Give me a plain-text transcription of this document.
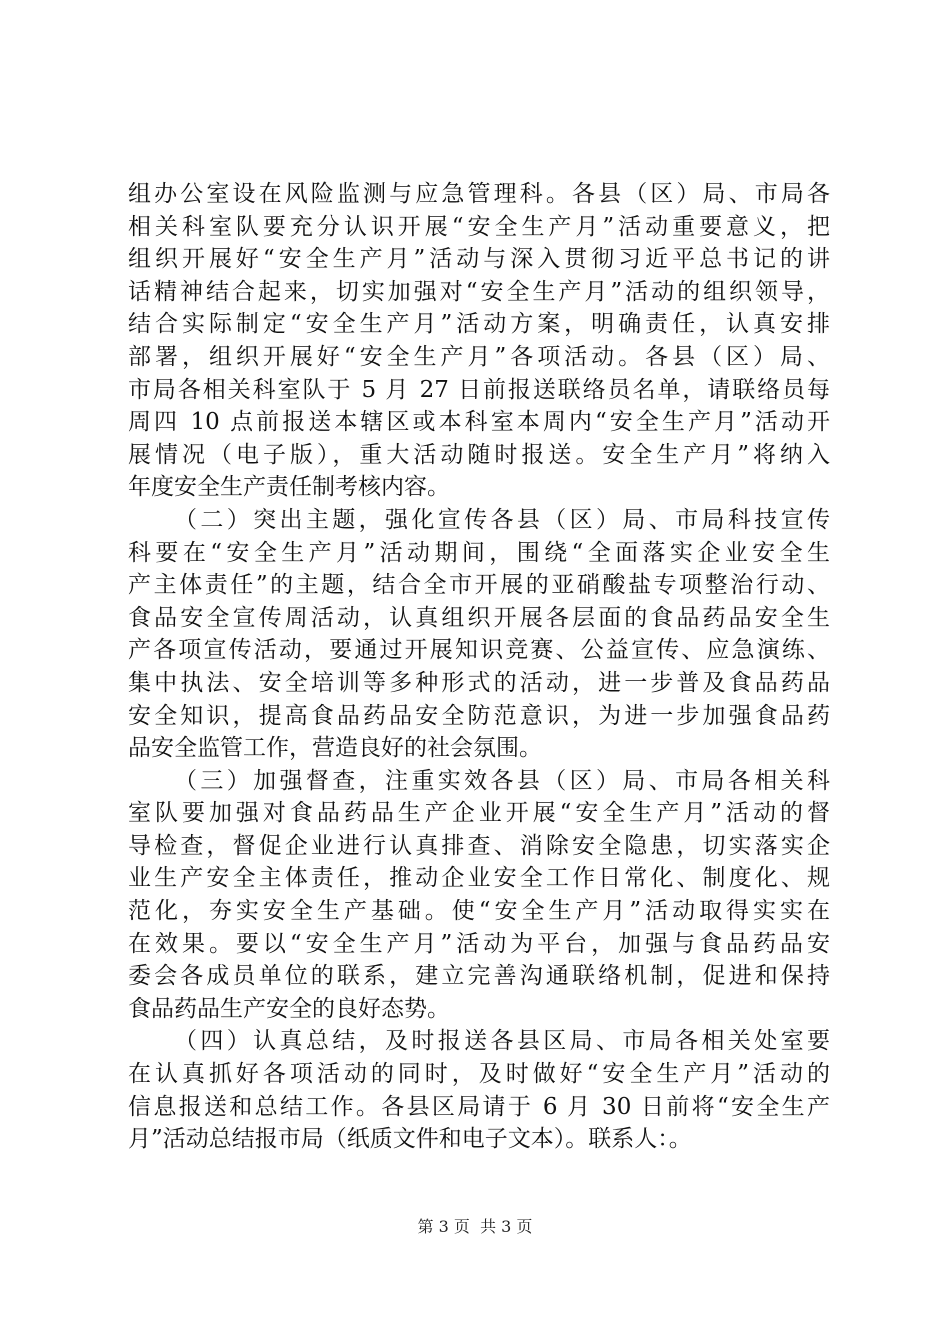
组办公室设在风险监测与应急管理科。各县（区）局、市局各
相关科室队要充分认识开展“安全生产月”活动重要意义，把
组织开展好“安全生产月”活动与深入贯彻习近平总书记的讲
话精神结合起来，切实加强对“安全生产月”活动的组织领导，
结合实际制定“安全生产月”活动方案，明确责任，认真安排
部署，组织开展好“安全生产月”各项活动。各县（区）局、
市局各相关科室队于 5 月 27 日前报送联络员名单，请联络员每
周四 10 点前报送本辖区或本科室本周内“安全生产月”活动开
展情况（电子版），重大活动随时报送。安全生产月”将纳入
年度安全生产责任制考核内容。
（二）突出主题，强化宣传各县（区）局、市局科技宣传
科要在“安全生产月”活动期间，围绕“全面落实企业安全生
产主体责任”的主题，结合全市开展的亚硝酸盐专项整治行动、
食品安全宣传周活动，认真组织开展各层面的食品药品安全生
产各项宣传活动，要通过开展知识竞赛、公益宣传、应急演练、
集中执法、安全培训等多种形式的活动，进一步普及食品药品
安全知识，提高食品药品安全防范意识，为进一步加强食品药
品安全监管工作，营造良好的社会氛围。
（三）加强督查，注重实效各县（区）局、市局各相关科
室队要加强对食品药品生产企业开展“安全生产月”活动的督
导检查，督促企业进行认真排查、消除安全隐患，切实落实企
业生产安全主体责任，推动企业安全工作日常化、制度化、规
范化，夯实安全生产基础。使“安全生产月”活动取得实实在
在效果。要以“安全生产月”活动为平台，加强与食品药品安
委会各成员单位的联系，建立完善沟通联络机制，促进和保持
食品药品生产安全的良好态势。
（四）认真总结，及时报送各县区局、市局各相关处室要
在认真抓好各项活动的同时，及时做好“安全生产月”活动的
信息报送和总结工作。各县区局请于 6 月 30 日前将“安全生产
月”活动总结报市局（纸质文件和电子文本）。联系人：。
第 3 页  共 3 页
